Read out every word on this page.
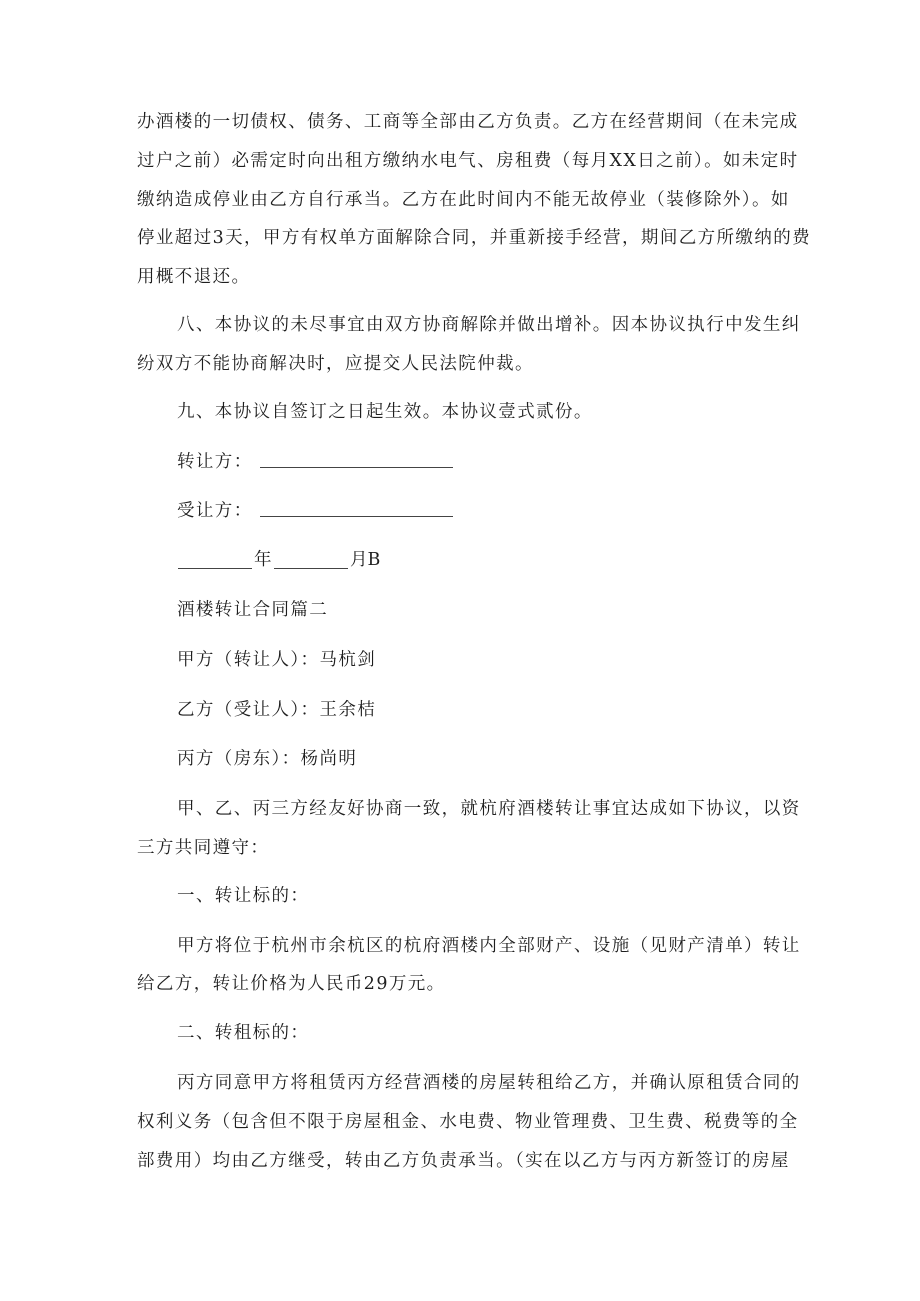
办酒楼的一切债权、债务、工商等全部由乙方负责。乙方在经营期间（在未完成
过户之前）必需定时向出租方缴纳水电气、房租费（每月XX日之前）。如未定时
缴纳造成停业由乙方自行承当。乙方在此时间内不能无故停业（装修除外）。如
停业超过3天，甲方有权单方面解除合同，并重新接手经营，期间乙方所缴纳的费
用概不退还。
八、本协议的未尽事宜由双方协商解除并做出增补。因本协议执行中发生纠
纷双方不能协商解决时，应提交人民法院仲裁。
九、本协议自签订之日起生效。本协议壹式贰份。
转让方：
受让方：
年	月B
酒楼转让合同篇二
甲方（转让人）：马杭剑
乙方（受让人）：王余桔
丙方（房东）：杨尚明
甲、乙、丙三方经友好协商一致，就杭府酒楼转让事宜达成如下协议，以资
三方共同遵守：
一、转让标的：
甲方将位于杭州市余杭区的杭府酒楼内全部财产、设施（见财产清单）转让
给乙方，转让价格为人民币29万元。
二、转租标的：
丙方同意甲方将租赁丙方经营酒楼的房屋转租给乙方，并确认原租赁合同的
权利义务（包含但不限于房屋租金、水电费、物业管理费、卫生费、税费等的全
部费用）均由乙方继受，转由乙方负责承当。（实在以乙方与丙方新签订的房屋
